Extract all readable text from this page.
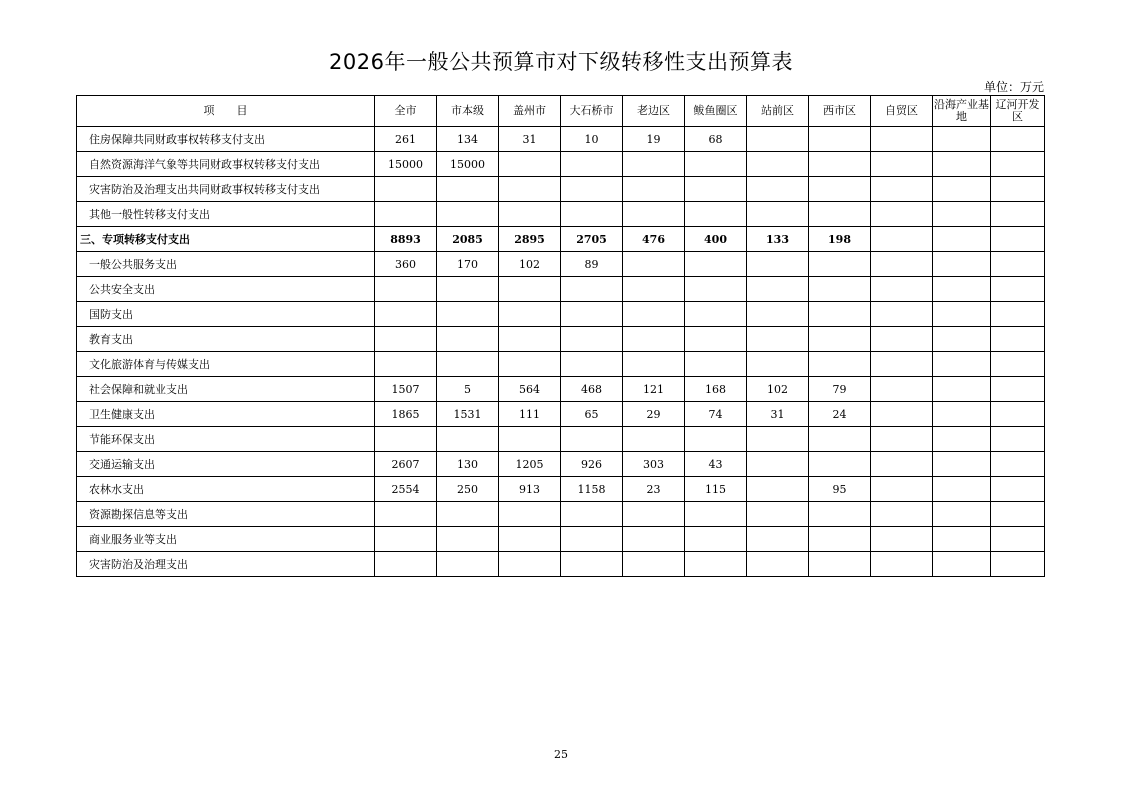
2026年一般公共预算市对下级转移性支出预算表
单位：万元
项　　目	全市	市本级	盖州市	大石桥市	老边区	鲅鱼圈区	站前区	西市区	自贸区	沿海产业基地	辽河开发区
住房保障共同财政事权转移支付支出	261	134	31	10	19	68					
自然资源海洋气象等共同财政事权转移支付支出	15000	15000									
灾害防治及治理支出共同财政事权转移支付支出											
其他一般性转移支付支出											
三、专项转移支付支出	8893	2085	2895	2705	476	400	133	198			
一般公共服务支出	360	170	102	89							
公共安全支出											
国防支出											
教育支出											
文化旅游体育与传媒支出											
社会保障和就业支出	1507	5	564	468	121	168	102	79			
卫生健康支出	1865	1531	111	65	29	74	31	24			
节能环保支出											
交通运输支出	2607	130	1205	926	303	43					
农林水支出	2554	250	913	1158	23	115		95			
资源勘探信息等支出											
商业服务业等支出											
灾害防治及治理支出											
25
